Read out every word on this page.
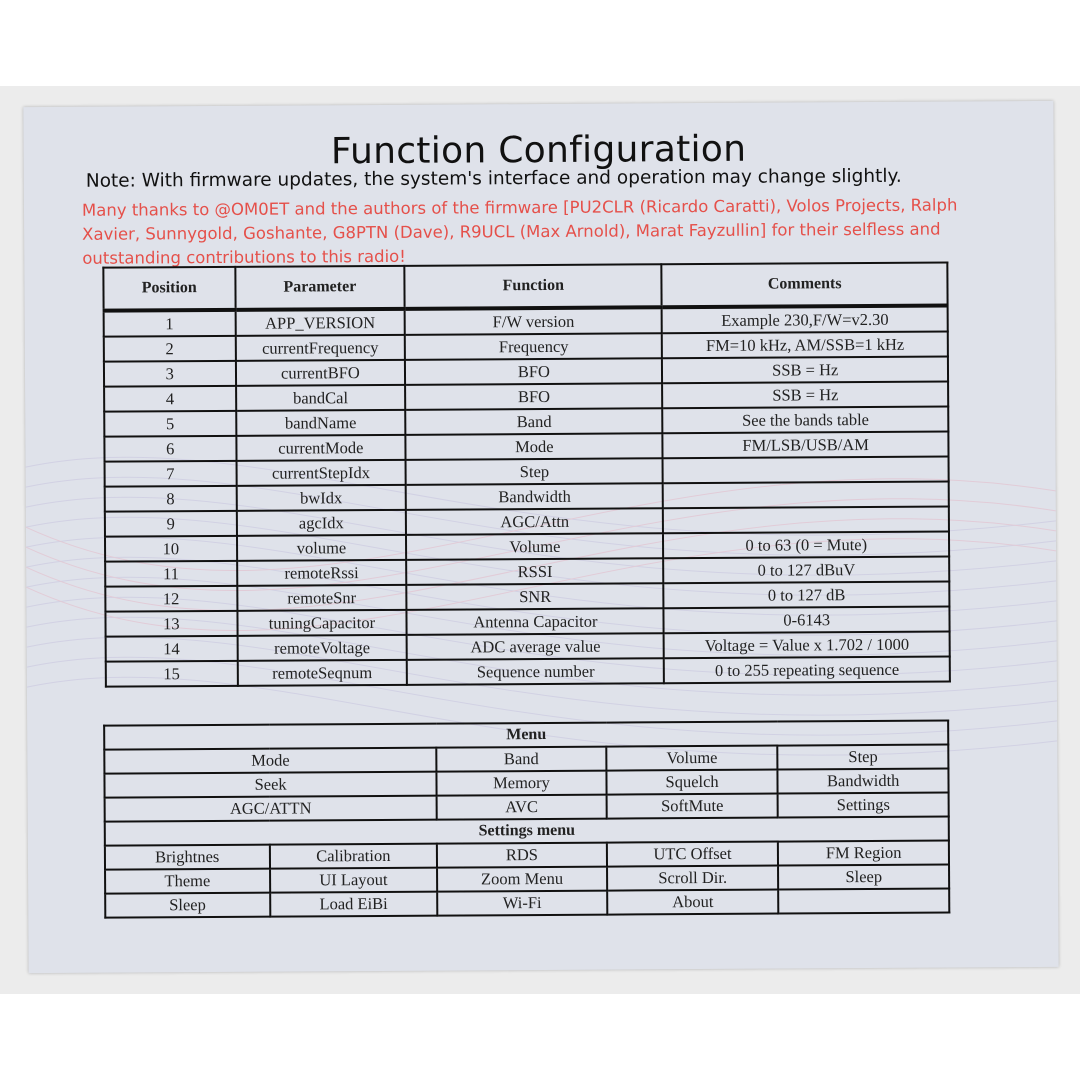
Function Configuration
Note: With firmware updates, the system's interface and operation may change slightly.
Many thanks to @OM0ET and the authors of the firmware [PU2CLR (Ricardo Caratti), Volos Projects, Ralph Xavier, Sunnygold, Goshante, G8PTN (Dave), R9UCL (Max Arnold), Marat Fayzullin] for their selfless and outstanding contributions to this radio!
Position	Parameter	Function	Comments
1	APP_VERSION	F/W version	Example 230,F/W=v2.30
2	currentFrequency	Frequency	FM=10 kHz, AM/SSB=1 kHz
3	currentBFO	BFO	SSB = Hz
4	bandCal	BFO	SSB = Hz
5	bandName	Band	See the bands table
6	currentMode	Mode	FM/LSB/USB/AM
7	currentStepIdx	Step	
8	bwIdx	Bandwidth	
9	agcIdx	AGC/Attn	
10	volume	Volume	0 to 63 (0 = Mute)
11	remoteRssi	RSSI	0 to 127 dBuV
12	remoteSnr	SNR	0 to 127 dB
13	tuningCapacitor	Antenna Capacitor	0-6143
14	remoteVoltage	ADC average value	Voltage = Value x 1.702 / 1000
15	remoteSeqnum	Sequence number	0 to 255 repeating sequence
Menu				
Mode		Band	Volume	Step
Seek		Memory	Squelch	Bandwidth
AGC/ATTN		AVC	SoftMute	Settings
Settings menu				
Brightnes	Calibration	RDS	UTC Offset	FM Region
Theme	UI Layout	Zoom Menu	Scroll Dir.	Sleep
Sleep	Load EiBi	Wi-Fi	About	
